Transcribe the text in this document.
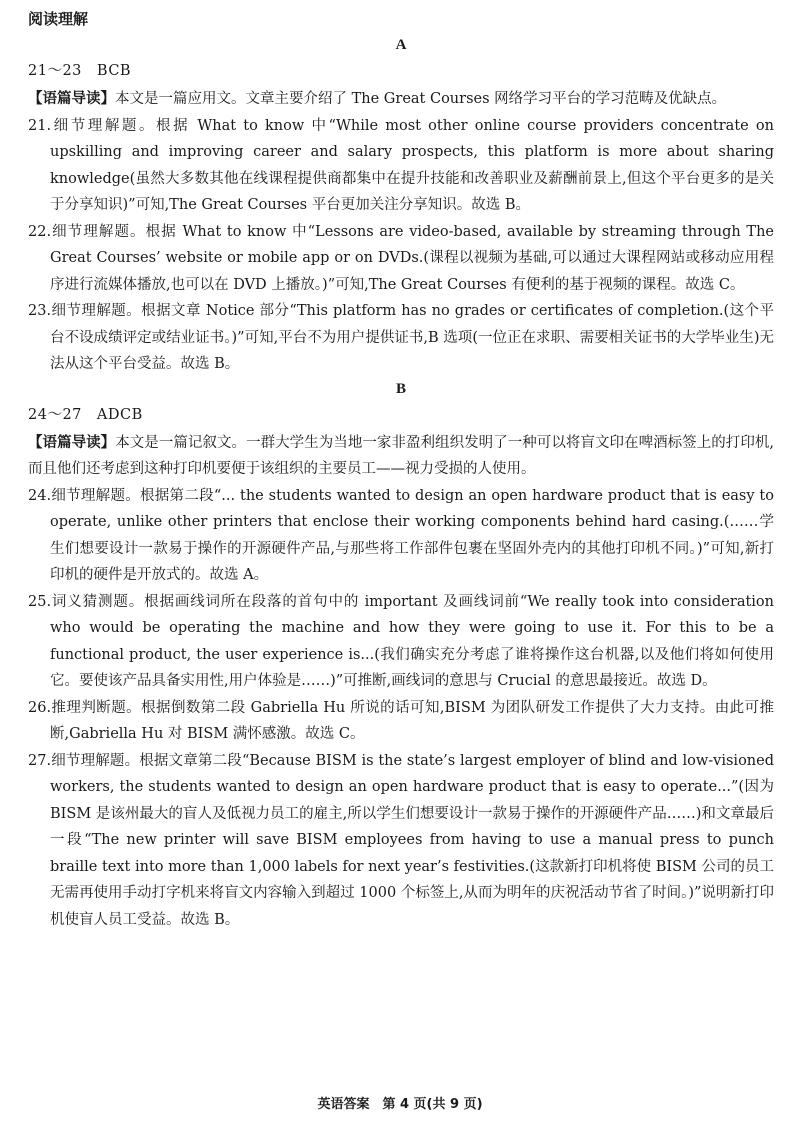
阅读理解
A
21～23　BCB

【语篇导读】本文是一篇应用文。文章主要介绍了 The Great Courses 网络学习平台的学习范畴及优缺点。

21.细节理解题。根据 What to know 中“While most other online course providers concentrate on upskilling and improving career and salary prospects, this platform is more about sharing knowledge(虽然大多数其他在线课程提供商都集中在提升技能和改善职业及薪酬前景上,但这个平台更多的是关于分享知识)”可知,The Great Courses 平台更加关注分享知识。故选 B。
22.细节理解题。根据 What to know 中“Lessons are video-based, available by streaming through The Great Courses’ website or mobile app or on DVDs.(课程以视频为基础,可以通过大课程网站或移动应用程序进行流媒体播放,也可以在 DVD 上播放。)”可知,The Great Courses 有便利的基于视频的课程。故选 C。
23.细节理解题。根据文章 Notice 部分“This platform has no grades or certificates of completion.(这个平台不设成绩评定或结业证书。)”可知,平台不为用户提供证书,B 选项(一位正在求职、需要相关证书的大学毕业生)无法从这个平台受益。故选 B。
B
24～27　ADCB

【语篇导读】本文是一篇记叙文。一群大学生为当地一家非盈利组织发明了一种可以将盲文印在啤酒标签上的打印机,而且他们还考虑到这种打印机要便于该组织的主要员工——视力受损的人使用。

24.细节理解题。根据第二段“... the students wanted to design an open hardware product that is easy to operate, unlike other printers that enclose their working components behind hard casing.(……学生们想要设计一款易于操作的开源硬件产品,与那些将工作部件包裹在坚固外壳内的其他打印机不同。)”可知,新打印机的硬件是开放式的。故选 A。
25.词义猜测题。根据画线词所在段落的首句中的 important 及画线词前“We really took into consideration who would be operating the machine and how they were going to use it. For this to be a functional product, the user experience is...(我们确实充分考虑了谁将操作这台机器,以及他们将如何使用它。要使该产品具备实用性,用户体验是……)”可推断,画线词的意思与 Crucial 的意思最接近。故选 D。
26.推理判断题。根据倒数第二段 Gabriella Hu 所说的话可知,BISM 为团队研发工作提供了大力支持。由此可推断,Gabriella Hu 对 BISM 满怀感激。故选 C。
27.细节理解题。根据文章第二段“Because BISM is the state’s largest employer of blind and low-visioned workers, the students wanted to design an open hardware product that is easy to operate...”(因为 BISM 是该州最大的盲人及低视力员工的雇主,所以学生们想要设计一款易于操作的开源硬件产品……)和文章最后一段“The new printer will save BISM employees from having to use a manual press to punch braille text into more than 1,000 labels for next year’s festivities.(这款新打印机将使 BISM 公司的员工无需再使用手动打字机来将盲文内容输入到超过 1000 个标签上,从而为明年的庆祝活动节省了时间。)”说明新打印机使盲人员工受益。故选 B。
英语答案　第 4 页(共 9 页)
